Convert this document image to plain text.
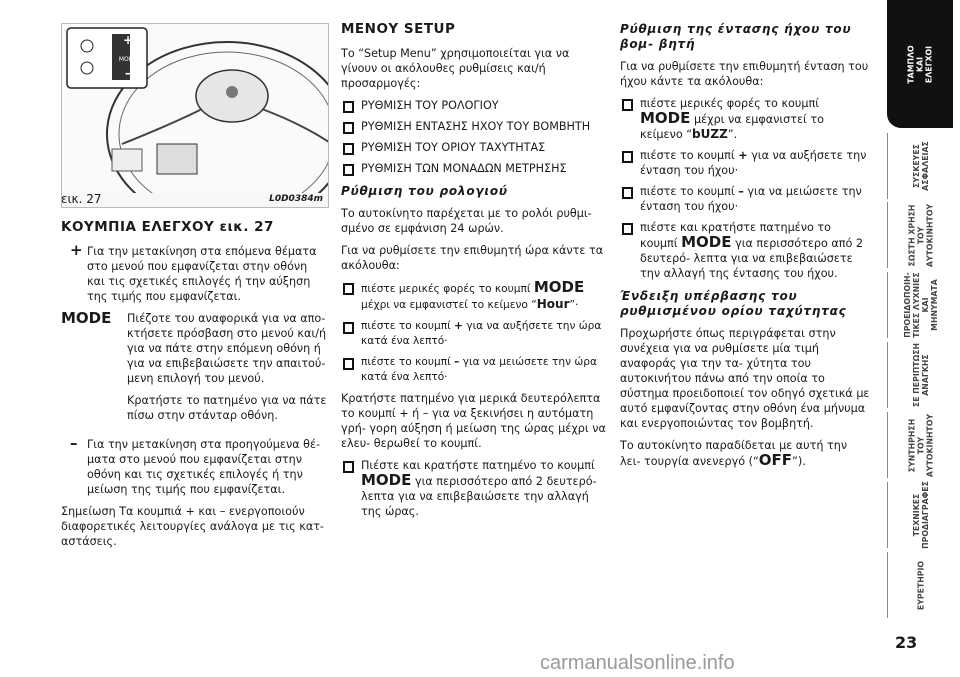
+
MODE
–
εικ. 27	L0D0384m
ΚΟΥΜΠΙΑ ΕΛΕΓΧΟΥ εικ. 27
+ Για την μετακίνηση στα επόμενα θέματα στο μενού που εμφανίζεται στην οθόνη και τις σχετικές επιλογές ή την αύξηση της τιμής που εμφανίζεται.
MODE	Πιέζοτε του αναφορικά για να απο- κτήσετε πρόσβαση στο μενού και/ή για να πάτε στην επόμενη οθόνη ή για να επιβεβαιώσετε την απαιτού- μενη επιλογή του μενού.

Κρατήστε το πατημένο για να πάτε πίσω στην στάνταρ οθόνη.

– Για την μετακίνηση στα προηγούμενα θέ- ματα στο μενού που εμφανίζεται στην οθόνη και τις σχετικές επιλογές ή την μείωση της τιμής που εμφανίζεται.

Σημείωση Τα κουμπιά + και – ενεργοποιούν διαφορετικές λειτουργίες ανάλογα με τις κατ- αστάσεις.

ΜΕΝΟΥ SETUP

Το “Setup Menu” χρησιμοποιείται για να γίνουν οι ακόλουθες ρυθμίσεις και/ή προσαρμογές:

ΡΥΘΜΙΣΗ ΤΟΥ ΡΟΛΟΓΙΟΥ
ΡΥΘΜΙΣΗ ΕΝΤΑΣΗΣ ΗΧΟΥ ΤΟΥ ΒΟΜΒΗΤΗ
ΡΥΘΜΙΣΗ ΤΟΥ ΟΡΙΟΥ ΤΑΧΥΤΗΤΑΣ
ΡΥΘΜΙΣΗ ΤΩΝ ΜΟΝΑΔΩΝ ΜΕΤΡΗΣΗΣ
Ρύθμιση του ρολογιού

Το αυτοκίνητο παρέχεται με το ρολόι ρυθμι- σμένο σε εμφάνιση 24 ωρών.

Για να ρυθμίσετε την επιθυμητή ώρα κάντε τα ακόλουθα:

πιέστε μερικές φορές το κουμπί MODE μέχρι να εμφανιστεί το κείμενο “Hour”·
πιέστε το κουμπί + για να αυξήσετε την ώρα κατά ένα λεπτό·
πιέστε το κουμπί – για να μειώσετε την ώρα κατά ένα λεπτό·

Κρατήστε πατημένο για μερικά δευτερόλεπτα το κουμπί + ή – για να ξεκινήσει η αυτόματη γρή- γορη αύξηση ή μείωση της ώρας μέχρι να ελευ- θερωθεί το κουμπί.

Πιέστε και κρατήστε πατημένο το κουμπί MODE για περισσότερο από 2 δευτερό- λεπτα για να επιβεβαιώσετε την αλλαγή της ώρας.
Ρύθμιση της έντασης ήχου του βομ- βητή

Για να ρυθμίσετε την επιθυμητή ένταση του ήχου κάντε τα ακόλουθα:

πιέστε μερικές φορές το κουμπί MODE μέχρι να εμφανιστεί το κείμενο “bUZZ”.
πιέστε το κουμπί + για να αυξήσετε την ένταση του ήχου·
πιέστε το κουμπί – για να μειώσετε την ένταση του ήχου·
πιέστε και κρατήστε πατημένο το κουμπί MODE για περισσότερο από 2 δευτερό- λεπτα για να επιβεβαιώσετε την αλλαγή της έντασης του ήχου.
Ένδειξη υπέρβασης του ρυθμισμένου ορίου ταχύτητας

Προχωρήστε όπως περιγράφεται στην συνέχεια για να ρυθμίσετε μία τιμή αναφοράς για την τα- χύτητα του αυτοκινήτου πάνω από την οποία το σύστημα προειδοποιεί τον οδηγό σχετικά με αυτό εμφανίζοντας στην οθόνη ένα μήνυμα και ενεργοποιώντας τον βομβητή.

Το αυτοκίνητο παραδίδεται με αυτή την λει- τουργία ανενεργό (“OFF”).

ΤΑΜΠΛΟ
ΚΑΙ
ΕΛΕΓΧΟΙ
ΣΥΣΚΕΥΕΣ
ΑΣΦΑΛΕΙΑΣ
ΣΩΣΤΗ ΧΡΗΣΗ
ΤΟΥ
ΑΥΤΟΚΙΝΗΤΟΥ
ΠΡΟΕΙΔΟΠΟΙΗ-
ΤΙΚΕΣ ΛΥΧΝΙΕΣ
ΚΑΙ ΜΗΝΥΜΑΤΑ
ΣΕ ΠΕΡΙΠΤΩΣΗ
ΑΝΑΓΚΗΣ
ΣΥΝΤΗΡΗΣΗ
ΤΟΥ
ΑΥΤΟΚΙΝΗΤΟΥ
ΤΕΧΝΙΚΕΣ
ΠΡΟΔΙΑΓΡΑΦΕΣ
ΕΥΡΕΤΗΡΙΟ
23
carmanualsonline.info
